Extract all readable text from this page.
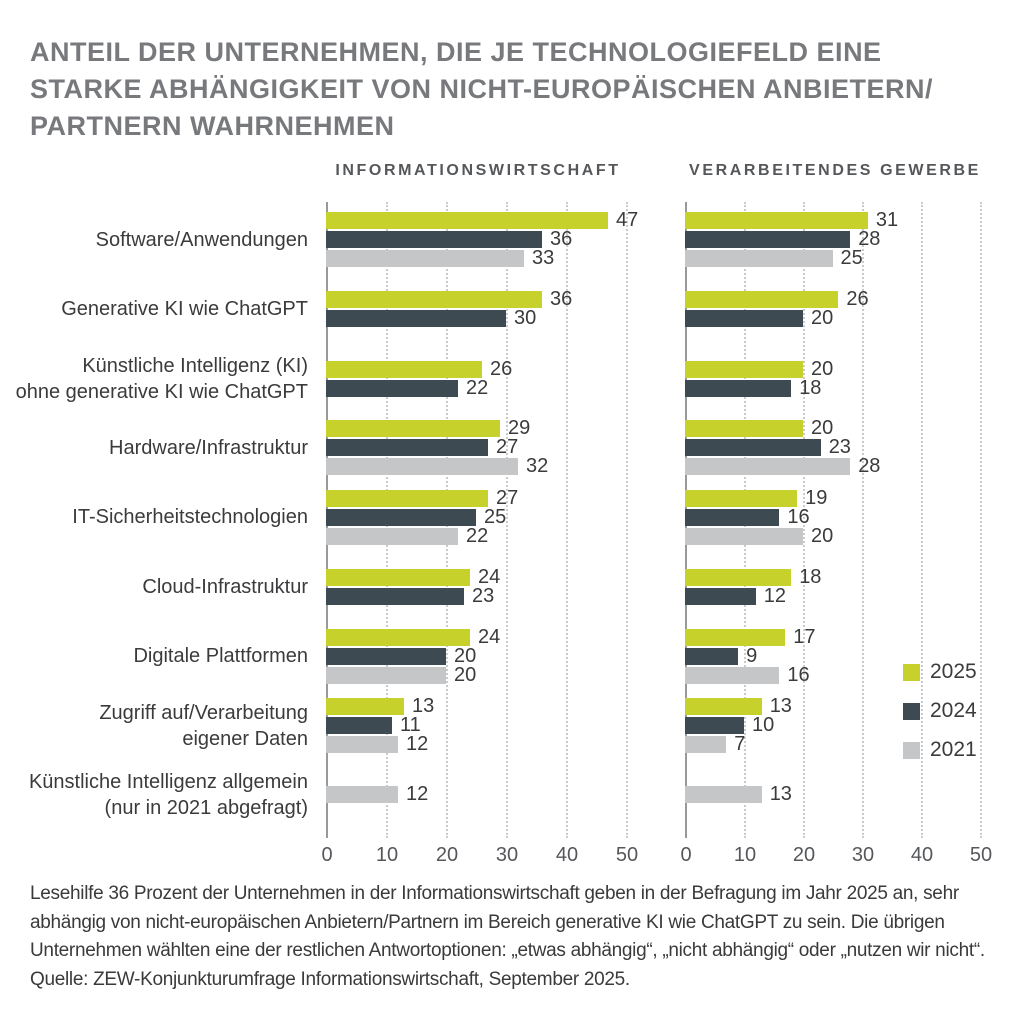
ANTEIL DER UNTERNEHMEN, DIE JE TECHNOLOGIEFELD EINE
STARKE ABHÄNGIGKEIT VON NICHT-EUROPÄISCHEN ANBIETERN/
PARTNERN WAHRNEHMEN
INFORMATIONSWIRTSCHAFT	VERARBEITENDES GEWERBE
2025
2024
2021
Software/Anwendungen
Generative KI wie ChatGPT
Künstliche Intelligenz (KI)
ohne generative KI wie ChatGPT
Hardware/Infrastruktur
IT-Sicherheitstechnologien
Cloud-Infrastruktur
Digitale Plattformen
Zugriff auf/Verarbeitung
eigener Daten
Künstliche Intelligenz allgemein
(nur in 2021 abgefragt)
0	10 20 30 40 50
47
36
33
36
30
26
22
29
27
32
27
25
22
24
23
24
20
20
13
11
12
12
0	10 20 30 40 50
31
28
25
26
20
20
18
20
23
28
19
16
20
18
12
17
9
16
13
10
7
13
Lesehilfe 36 Prozent der Unternehmen in der Informationswirtschaft geben in der Befragung im Jahr 2025 an, sehr abhängig von nicht-europäischen Anbietern/Partnern im Bereich generative KI wie ChatGPT zu sein. Die übrigen Unternehmen wählten eine der restlichen Antwortoptionen: „etwas abhängig“, „nicht abhängig“ oder „nutzen wir nicht“. Quelle: ZEW-Konjunkturumfrage Informationswirtschaft, September 2025.
